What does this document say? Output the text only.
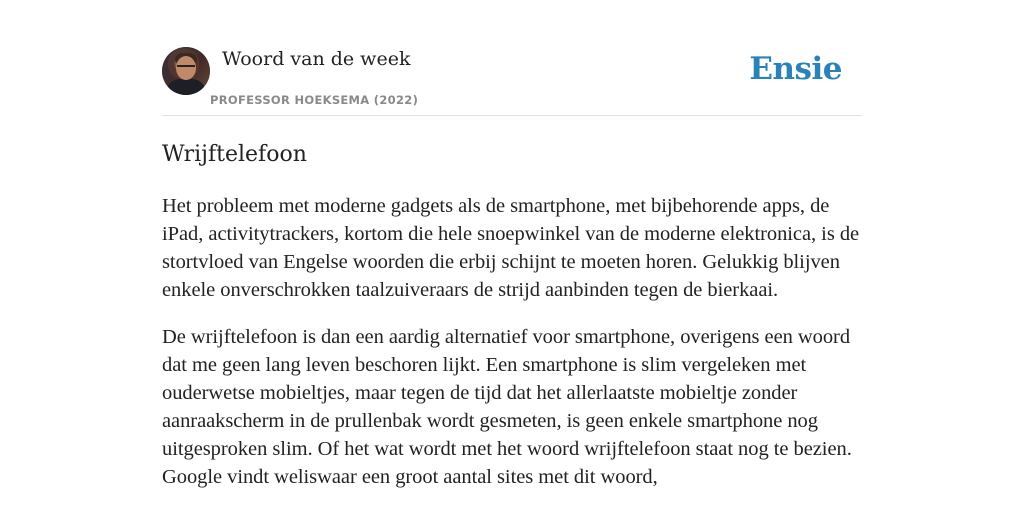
Woord van de week
PROFESSOR HOEKSEMA (2022)
Ensie
Wrijftelefoon

Het probleem met moderne gadgets als de smartphone, met bijbehorende apps, de iPad, activitytrackers, kortom die hele snoepwinkel van de moderne elektronica, is de stortvloed van Engelse woorden die erbij schijnt te moeten horen. Gelukkig blijven enkele onverschrokken taalzuiveraars de strijd aanbinden tegen de bierkaai.

De wrijftelefoon is dan een aardig alternatief voor smartphone, overigens een woord dat me geen lang leven beschoren lijkt. Een smartphone is slim vergeleken met ouderwetse mobieltjes, maar tegen de tijd dat het allerlaatste mobieltje zonder aanraakscherm in de prullenbak wordt gesmeten, is geen enkele smartphone nog uitgesproken slim. Of het wat wordt met het woord wrijftelefoon staat nog te bezien. Google vindt weliswaar een groot aantal sites met dit woord,
